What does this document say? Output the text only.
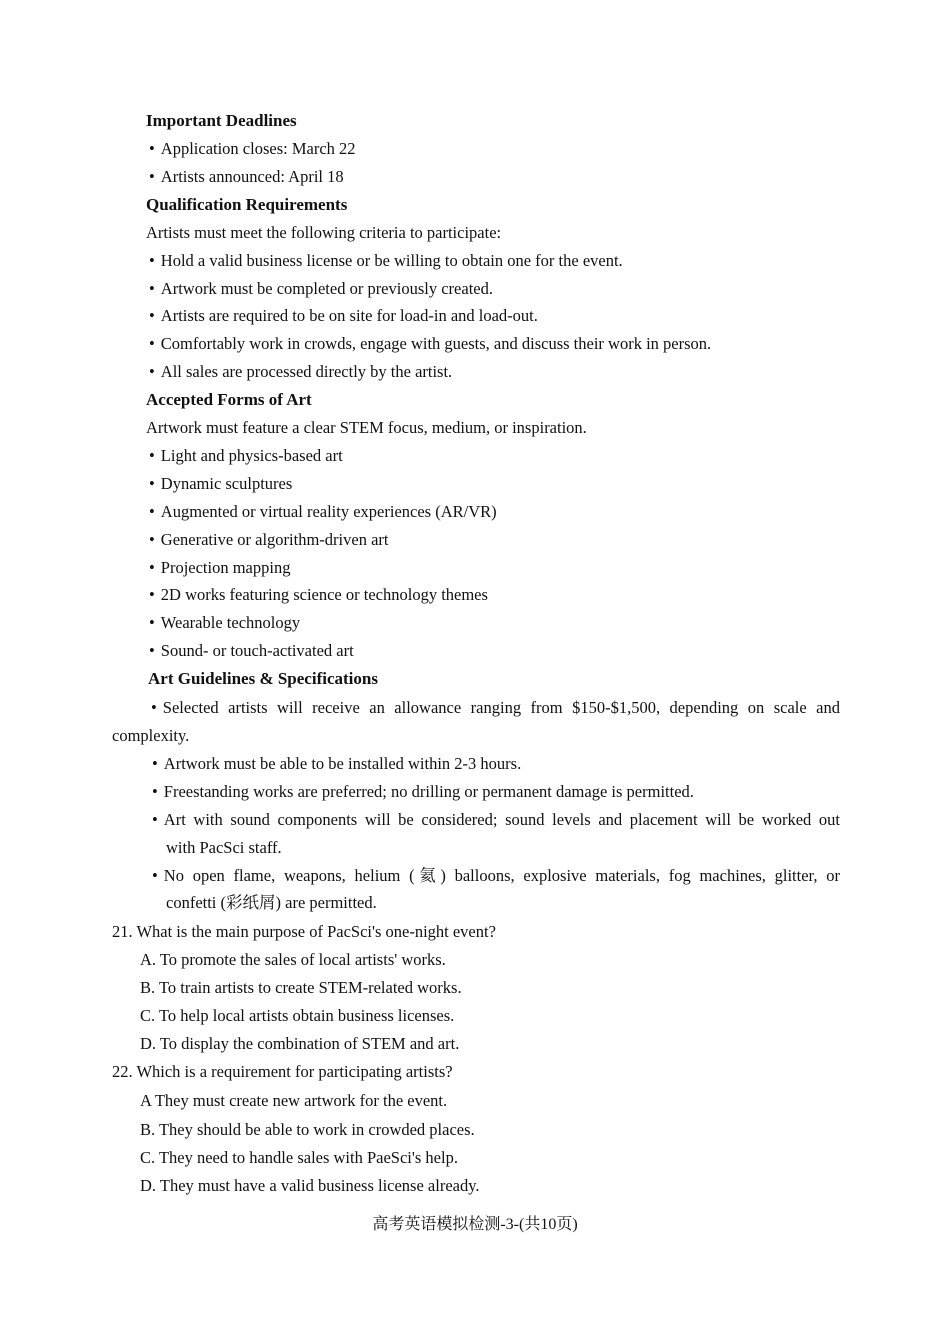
Important Deadlines
• Application closes: March 22
• Artists announced: April 18
Qualification Requirements
Artists must meet the following criteria to participate:
• Hold a valid business license or be willing to obtain one for the event.
• Artwork must be completed or previously created.
• Artists are required to be on site for load-in and load-out.
• Comfortably work in crowds, engage with guests, and discuss their work in person.
• All sales are processed directly by the artist.
Accepted Forms of Art
Artwork must feature a clear STEM focus, medium, or inspiration.
• Light and physics-based art
• Dynamic sculptures
• Augmented or virtual reality experiences (AR/VR)
• Generative or algorithm-driven art
• Projection mapping
• 2D works featuring science or technology themes
• Wearable technology
• Sound- or touch-activated art
Art Guidelines & Specifications
• Selected artists will receive an allowance ranging from $150-$1,500, depending on scale and
complexity.
• Artwork must be able to be installed within 2-3 hours.
• Freestanding works are preferred; no drilling or permanent damage is permitted.
• Art with sound components will be considered; sound levels and placement will be worked out
with PacSci staff.
• No open flame, weapons, helium (氦) balloons, explosive materials, fog machines, glitter, or
confetti (彩纸屑) are permitted.
21. What is the main purpose of PacSci's one-night event?
A. To promote the sales of local artists' works.
B. To train artists to create STEM-related works.
C. To help local artists obtain business licenses.
D. To display the combination of STEM and art.
22. Which is a requirement for participating artists?
A They must create new artwork for the event.
B. They should be able to work in crowded places.
C. They need to handle sales with PaeSci's help.
D. They must have a valid business license already.
高考英语模拟检测-3-(共10页)
